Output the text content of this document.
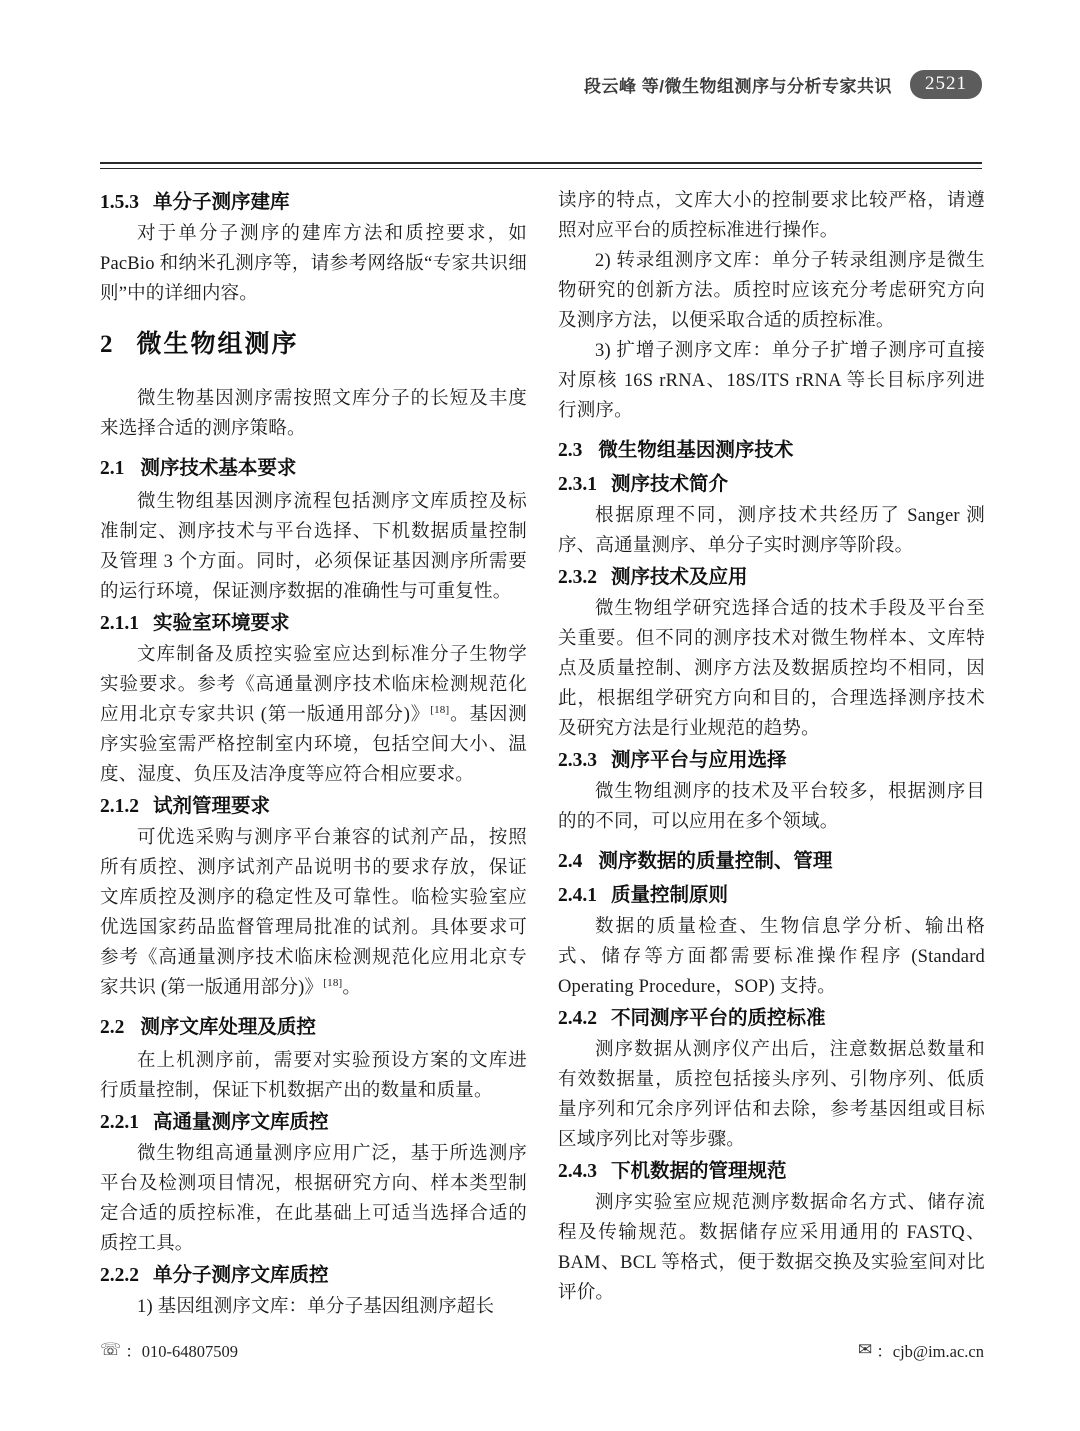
段云峰 等/微生物组测序与分析专家共识	2521
1.5.3 单分子测序建库

对于单分子测序的建库方法和质控要求，如 PacBio 和纳米孔测序等，请参考网络版“专家共识细则”中的详细内容。

2 微生物组测序

微生物基因测序需按照文库分子的长短及丰度来选择合适的测序策略。

2.1 测序技术基本要求

微生物组基因测序流程包括测序文库质控及标准制定、测序技术与平台选择、下机数据质量控制及管理 3 个方面。同时，必须保证基因测序所需要的运行环境，保证测序数据的准确性与可重复性。

2.1.1 实验室环境要求

文库制备及质控实验室应达到标准分子生物学实验要求。参考《高通量测序技术临床检测规范化应用北京专家共识 (第一版通用部分)》[18]。基因测序实验室需严格控制室内环境，包括空间大小、温度、湿度、负压及洁净度等应符合相应要求。

2.1.2 试剂管理要求

可优选采购与测序平台兼容的试剂产品，按照所有质控、测序试剂产品说明书的要求存放，保证文库质控及测序的稳定性及可靠性。临检实验室应优选国家药品监督管理局批准的试剂。具体要求可参考《高通量测序技术临床检测规范化应用北京专家共识 (第一版通用部分)》[18]。

2.2 测序文库处理及质控

在上机测序前，需要对实验预设方案的文库进行质量控制，保证下机数据产出的数量和质量。

2.2.1 高通量测序文库质控

微生物组高通量测序应用广泛，基于所选测序平台及检测项目情况，根据研究方向、样本类型制定合适的质控标准，在此基础上可适当选择合适的质控工具。

2.2.2 单分子测序文库质控

1) 基因组测序文库：单分子基因组测序超长

读序的特点，文库大小的控制要求比较严格，请遵照对应平台的质控标准进行操作。

2) 转录组测序文库：单分子转录组测序是微生物研究的创新方法。质控时应该充分考虑研究方向及测序方法，以便采取合适的质控标准。

3) 扩增子测序文库：单分子扩增子测序可直接对原核 16S rRNA、18S/ITS rRNA 等长目标序列进行测序。

2.3 微生物组基因测序技术
2.3.1 测序技术简介

根据原理不同，测序技术共经历了 Sanger 测序、高通量测序、单分子实时测序等阶段。

2.3.2 测序技术及应用

微生物组学研究选择合适的技术手段及平台至关重要。但不同的测序技术对微生物样本、文库特点及质量控制、测序方法及数据质控均不相同，因此，根据组学研究方向和目的，合理选择测序技术及研究方法是行业规范的趋势。

2.3.3 测序平台与应用选择

微生物组测序的技术及平台较多，根据测序目的的不同，可以应用在多个领域。

2.4 测序数据的质量控制、管理
2.4.1 质量控制原则

数据的质量检查、生物信息学分析、输出格式、储存等方面都需要标准操作程序 (Standard Operating Procedure，SOP) 支持。

2.4.2 不同测序平台的质控标准

测序数据从测序仪产出后，注意数据总数量和有效数据量，质控包括接头序列、引物序列、低质量序列和冗余序列评估和去除，参考基因组或目标区域序列比对等步骤。

2.4.3 下机数据的管理规范

测序实验室应规范测序数据命名方式、储存流程及传输规范。数据储存应采用通用的 FASTQ、BAM、BCL 等格式，便于数据交换及实验室间对比评价。

☏ ：010-64807509	✉ ：cjb@im.ac.cn
